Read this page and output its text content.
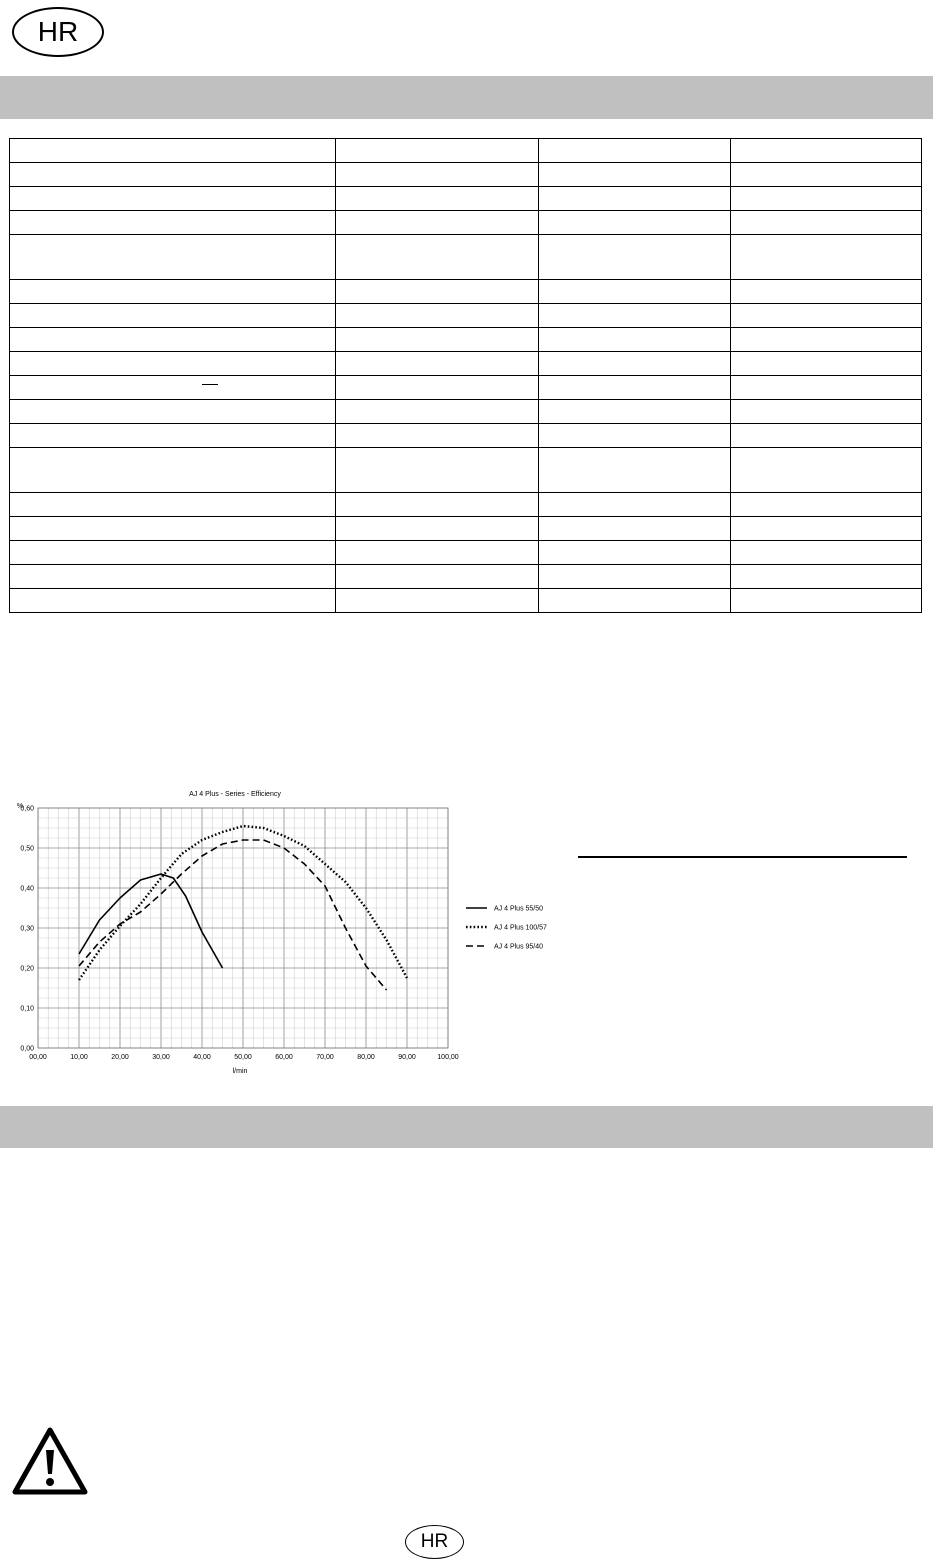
HR

AJ 4 Plus - Series - Efficiency
%
l/min
00,00	10,00	20,00	30,00	40,00	50,00	60,00	70,00	80,00	90,00	100,00
0,00
0,10
0,20
0,30
0,40
0,50
0,60
AJ 4 Plus 55/50
AJ 4 Plus 100/57
AJ 4 Plus 95/40
HR
